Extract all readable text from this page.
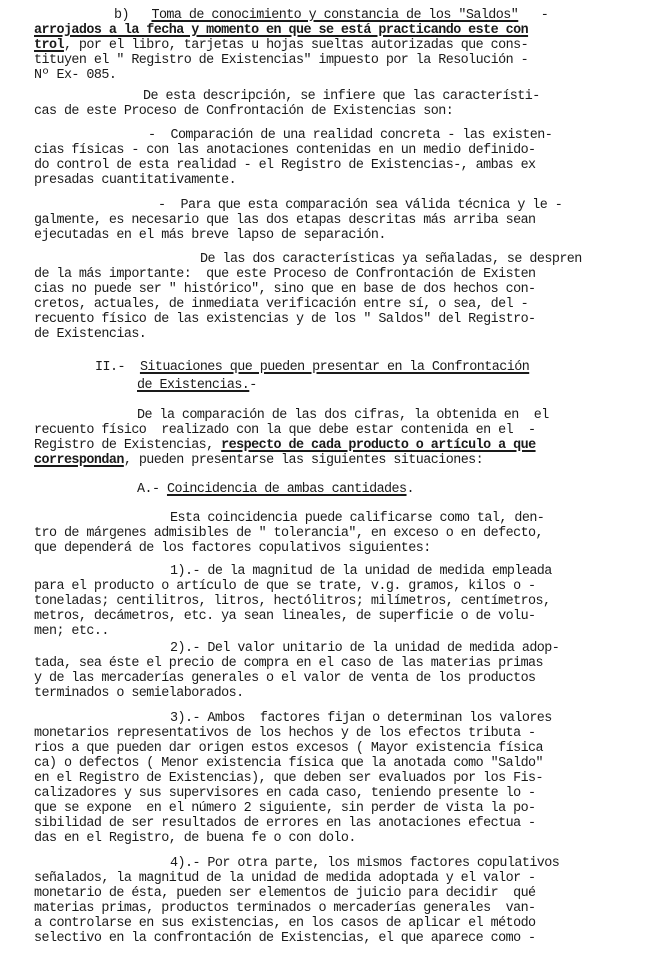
b) Toma de conocimiento y constancia de los "Saldos" -
arrojados a la fecha y momento en que se está practicando este con
trol, por el libro, tarjetas u hojas sueltas autorizadas que cons-
tituyen el " Registro de Existencias" impuesto por la Resolución -
Nº Ex- 085.
De esta descripción, se infiere que las característi-
cas de este Proceso de Confrontación de Existencias son:
-  Comparación de una realidad concreta - las existen-
cias físicas - con las anotaciones contenidas en un medio definido-
do control de esta realidad - el Registro de Existencias-, ambas ex
presadas cuantitativamente.
-  Para que esta comparación sea válida técnica y le -
galmente, es necesario que las dos etapas descritas más arriba sean
ejecutadas en el más breve lapso de separación.
De las dos características ya señaladas, se despren
de la más importante:  que este Proceso de Confrontación de Existen
cias no puede ser " histórico", sino que en base de dos hechos con-
cretos, actuales, de inmediata verificación entre sí, o sea, del -
recuento físico de las existencias y de los " Saldos" del Registro-
de Existencias.
II.- Situaciones que pueden presentar en la Confrontación
de Existencias.-
De la comparación de las dos cifras, la obtenida en  el
recuento físico  realizado con la que debe estar contenida en el  -
Registro de Existencias, respecto de cada producto o artículo a que
correspondan, pueden presentarse las siguientes situaciones:
A.- Coincidencia de ambas cantidades.
Esta coincidencia puede calificarse como tal, den-
tro de márgenes admisibles de " tolerancia", en exceso o en defecto,
que dependerá de los factores copulativos siguientes:
1).- de la magnitud de la unidad de medida empleada
para el producto o artículo de que se trate, v.g. gramos, kilos o -
toneladas; centilitros, litros, hectólitros; milímetros, centímetros,
metros, decámetros, etc. ya sean lineales, de superficie o de volu-
men; etc..
2).- Del valor unitario de la unidad de medida adop-
tada, sea éste el precio de compra en el caso de las materias primas
y de las mercaderías generales o el valor de venta de los productos
terminados o semielaborados.
3).- Ambos  factores fijan o determinan los valores
monetarios representativos de los hechos y de los efectos tributa -
rios a que pueden dar origen estos excesos ( Mayor existencia física
ca) o defectos ( Menor existencia física que la anotada como "Saldo"
en el Registro de Existencias), que deben ser evaluados por los Fis-
calizadores y sus supervisores en cada caso, teniendo presente lo -
que se expone  en el número 2 siguiente, sin perder de vista la po-
sibilidad de ser resultados de errores en las anotaciones efectua -
das en el Registro, de buena fe o con dolo.
4).- Por otra parte, los mismos factores copulativos
señalados, la magnitud de la unidad de medida adoptada y el valor -
monetario de ésta, pueden ser elementos de juicio para decidir  qué
materias primas, productos terminados o mercaderías generales  van-
a controlarse en sus existencias, en los casos de aplicar el método
selectivo en la confrontación de Existencias, el que aparece como -
